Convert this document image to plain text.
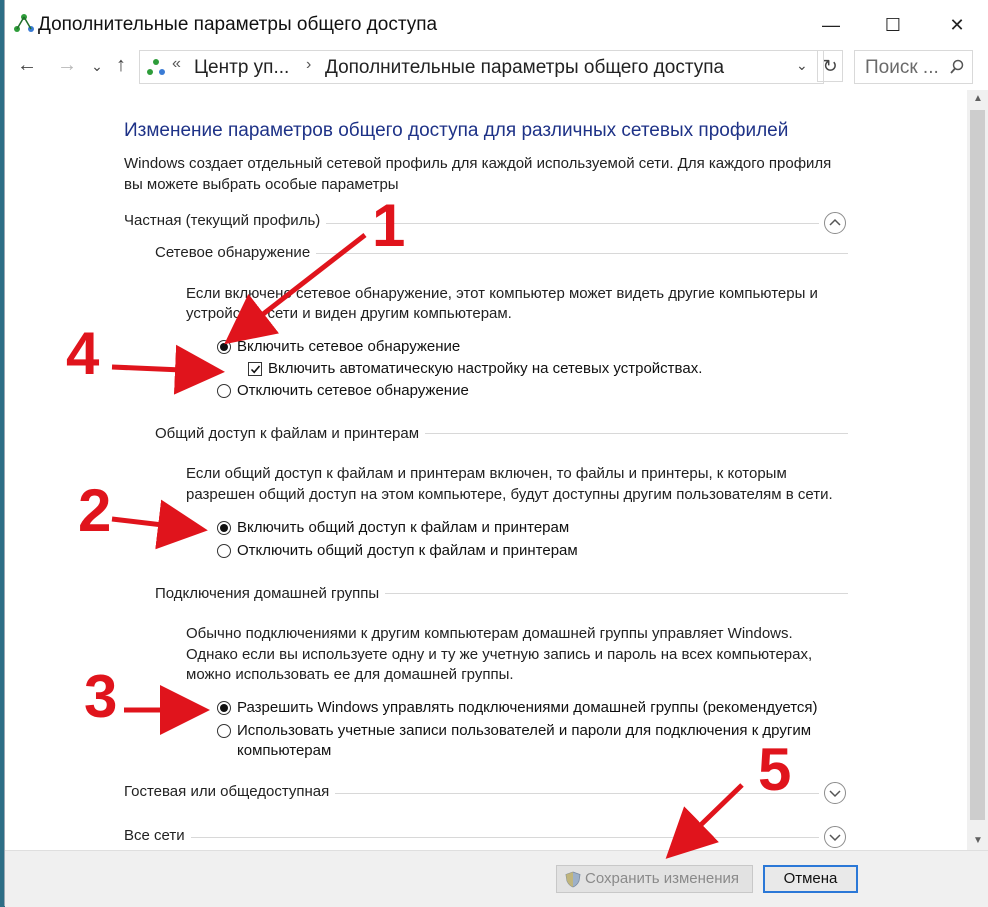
Дополнительные параметры общего доступа	—	☐	✕
← →	⌄ ↑	« Центр уп... › Дополнительные параметры общего доступа	⌄ ↻ Поиск ...
Изменение параметров общего доступа для различных сетевых профилей
Windows создает отдельный сетевой профиль для каждой используемой сети. Для каждого профиля
вы можете выбрать особые параметры
Частная (текущий профиль)
Сетевое обнаружение
Если включено сетевое обнаружение, этот компьютер может видеть другие компьютеры и
устройства сети и виден другим компьютерам.
Включить сетевое обнаружение
Включить автоматическую настройку на сетевых устройствах.
Отключить сетевое обнаружение
Общий доступ к файлам и принтерам
Если общий доступ к файлам и принтерам включен, то файлы и принтеры, к которым
разрешен общий доступ на этом компьютере, будут доступны другим пользователям в сети.
Включить общий доступ к файлам и принтерам
Отключить общий доступ к файлам и принтерам
Подключения домашней группы
Обычно подключениями к другим компьютерам домашней группы управляет Windows.
Однако если вы используете одну и ту же учетную запись и пароль на всех компьютерах,
можно использовать ее для домашней группы.
Разрешить Windows управлять подключениями домашней группы (рекомендуется)
Использовать учетные записи пользователей и пароли для подключения к другим
компьютерам
Гостевая или общедоступная
Все сети
▲
▼
Сохранить изменения	Отмена
1
4
2
3
5
